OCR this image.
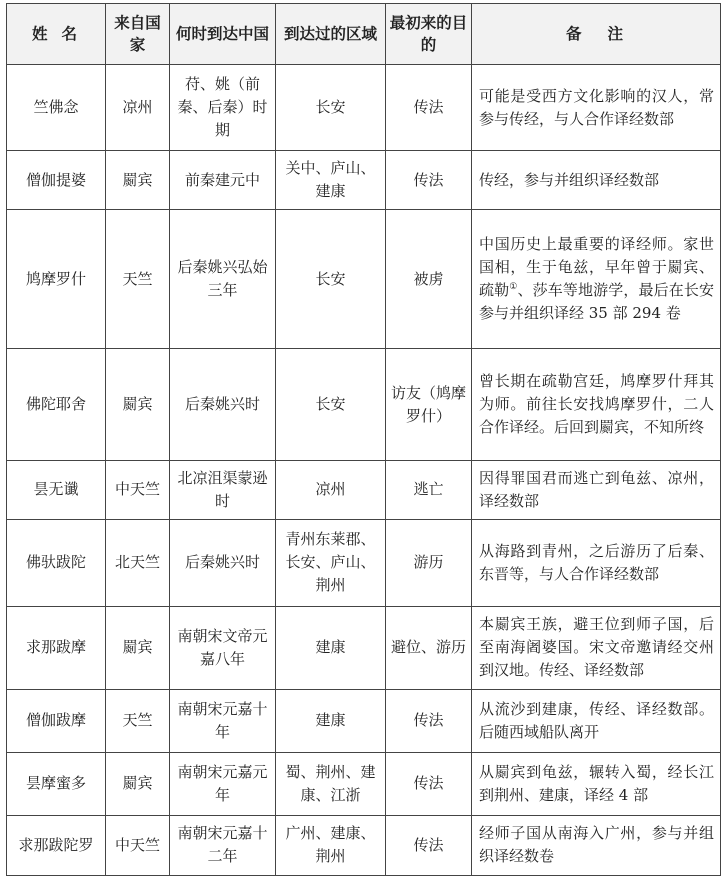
姓名	来自国家	何时到达中国	到达过的区域	最初来的目的	备注
竺佛念	凉州	苻、姚（前秦、后秦）时期	长安	传法	可能是受西方文化影响的汉人，常参与传经，与人合作译经数部
僧伽提婆	罽宾	前秦建元中	关中、庐山、建康	传法	传经，参与并组织译经数部
鸠摩罗什	天竺	后秦姚兴弘始三年	长安	被虏	中国历史上最重要的译经师。家世国相，生于龟兹，早年曾于罽宾、疏勒①、莎车等地游学，最后在长安参与并组织译经 35 部 294 卷
佛陀耶舍	罽宾	后秦姚兴时	长安	访友（鸠摩罗什）	曾长期在疏勒宫廷，鸠摩罗什拜其为师。前往长安找鸠摩罗什，二人合作译经。后回到罽宾，不知所终
昙无谶	中天竺	北凉沮渠蒙逊时	凉州	逃亡	因得罪国君而逃亡到龟兹、凉州，译经数部
佛驮跋陀	北天竺	后秦姚兴时	青州东莱郡、长安、庐山、荆州	游历	从海路到青州，之后游历了后秦、东晋等，与人合作译经数部
求那跋摩	罽宾	南朝宋文帝元嘉八年	建康	避位、游历	本罽宾王族，避王位到师子国，后至南海阇婆国。宋文帝邀请经交州到汉地。传经、译经数部
僧伽跋摩	天竺	南朝宋元嘉十年	建康	传法	从流沙到建康，传经、译经数部。后随西域船队离开
昙摩蜜多	罽宾	南朝宋元嘉元年	蜀、荆州、建康、江浙	传法	从罽宾到龟兹，辗转入蜀，经长江到荆州、建康，译经 4 部
求那跋陀罗	中天竺	南朝宋元嘉十二年	广州、建康、荆州	传法	经师子国从南海入广州，参与并组织译经数卷
